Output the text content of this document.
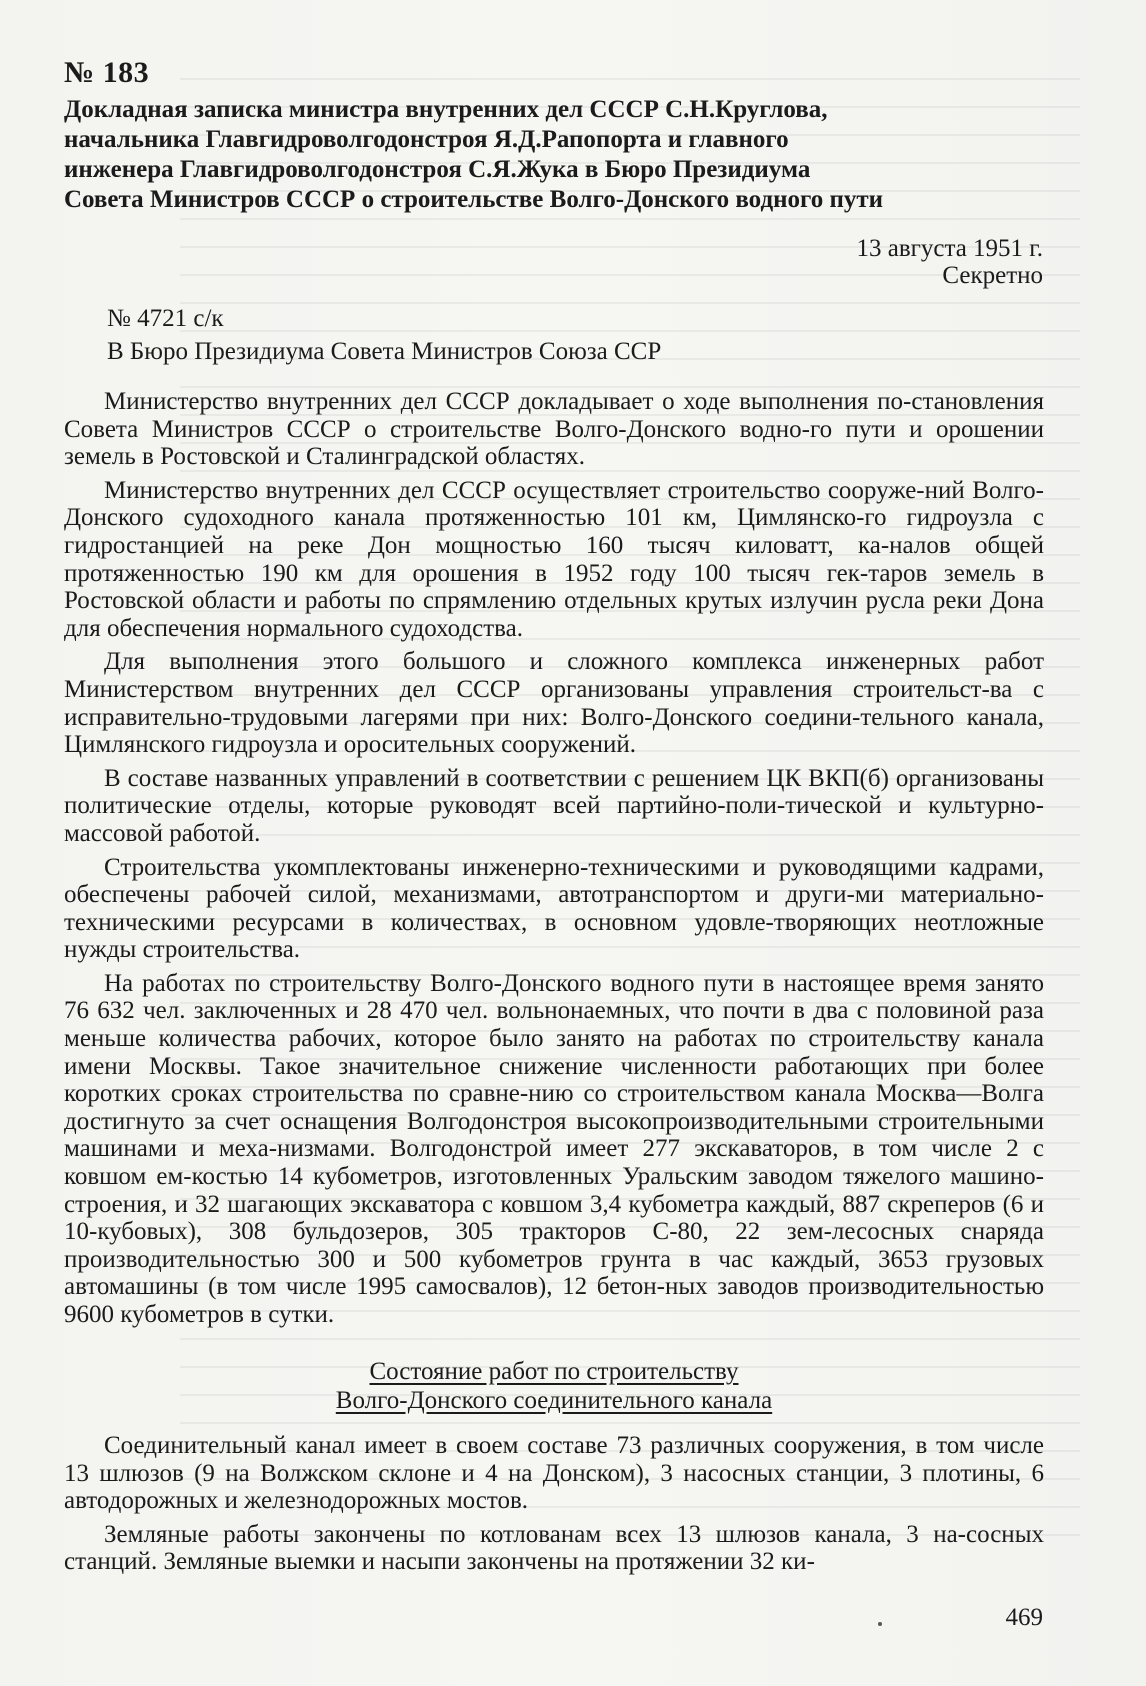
№ 183
Докладная записка министра внутренних дел СССР С.Н.Круглова,
начальника Главгидроволгодонстроя Я.Д.Рапопорта и главного
инженера Главгидроволгодонстроя С.Я.Жука в Бюро Президиума
Совета Министров СССР о строительстве Волго-Донского водного пути
13 августа 1951 г.
Секретно
№ 4721 с/к
В Бюро Президиума Совета Министров Союза ССР

Министерство внутренних дел СССР докладывает о ходе выполнения по-становления Совета Министров СССР о строительстве Волго-Донского водно-го пути и орошении земель в Ростовской и Сталинградской областях.

Министерство внутренних дел СССР осуществляет строительство сооруже-ний Волго-Донского судоходного канала протяженностью 101 км, Цимлянско-го гидроузла с гидростанцией на реке Дон мощностью 160 тысяч киловатт, ка-налов общей протяженностью 190 км для орошения в 1952 году 100 тысяч гек-таров земель в Ростовской области и работы по спрямлению отдельных крутых излучин русла реки Дона для обеспечения нормального судоходства.

Для выполнения этого большого и сложного комплекса инженерных работ Министерством внутренних дел СССР организованы управления строительст-ва с исправительно-трудовыми лагерями при них: Волго-Донского соедини-тельного канала, Цимлянского гидроузла и оросительных сооружений.

В составе названных управлений в соответствии с решением ЦК ВКП(б) организованы политические отделы, которые руководят всей партийно-поли-тической и культурно-массовой работой.

Строительства укомплектованы инженерно-техническими и руководящими кадрами, обеспечены рабочей силой, механизмами, автотранспортом и други-ми материально-техническими ресурсами в количествах, в основном удовле-творяющих неотложные нужды строительства.

На работах по строительству Волго-Донского водного пути в настоящее время занято 76 632 чел. заключенных и 28 470 чел. вольнонаемных, что почти в два с половиной раза меньше количества рабочих, которое было занято на работах по строительству канала имени Москвы. Такое значительное снижение численности работающих при более коротких сроках строительства по сравне-нию со строительством канала Москва—Волга достигнуто за счет оснащения Волгодонстроя высокопроизводительными строительными машинами и меха-низмами. Волгодонстрой имеет 277 экскаваторов, в том числе 2 с ковшом ем-костью 14 кубометров, изготовленных Уральским заводом тяжелого машино-строения, и 32 шагающих экскаватора с ковшом 3,4 кубометра каждый, 887 скреперов (6 и 10-кубовых), 308 бульдозеров, 305 тракторов С-80, 22 зем-лесосных снаряда производительностью 300 и 500 кубометров грунта в час каждый, 3653 грузовых автомашины (в том числе 1995 самосвалов), 12 бетон-ных заводов производительностью 9600 кубометров в сутки.

Состояние работ по строительству
Волго-Донского соединительного канала

Соединительный канал имеет в своем составе 73 различных сооружения, в том числе 13 шлюзов (9 на Волжском склоне и 4 на Донском), 3 насосных станции, 3 плотины, 6 автодорожных и железнодорожных мостов.

Земляные работы закончены по котлованам всех 13 шлюзов канала, 3 на-сосных станций. Земляные выемки и насыпи закончены на протяжении 32 ки-

469
